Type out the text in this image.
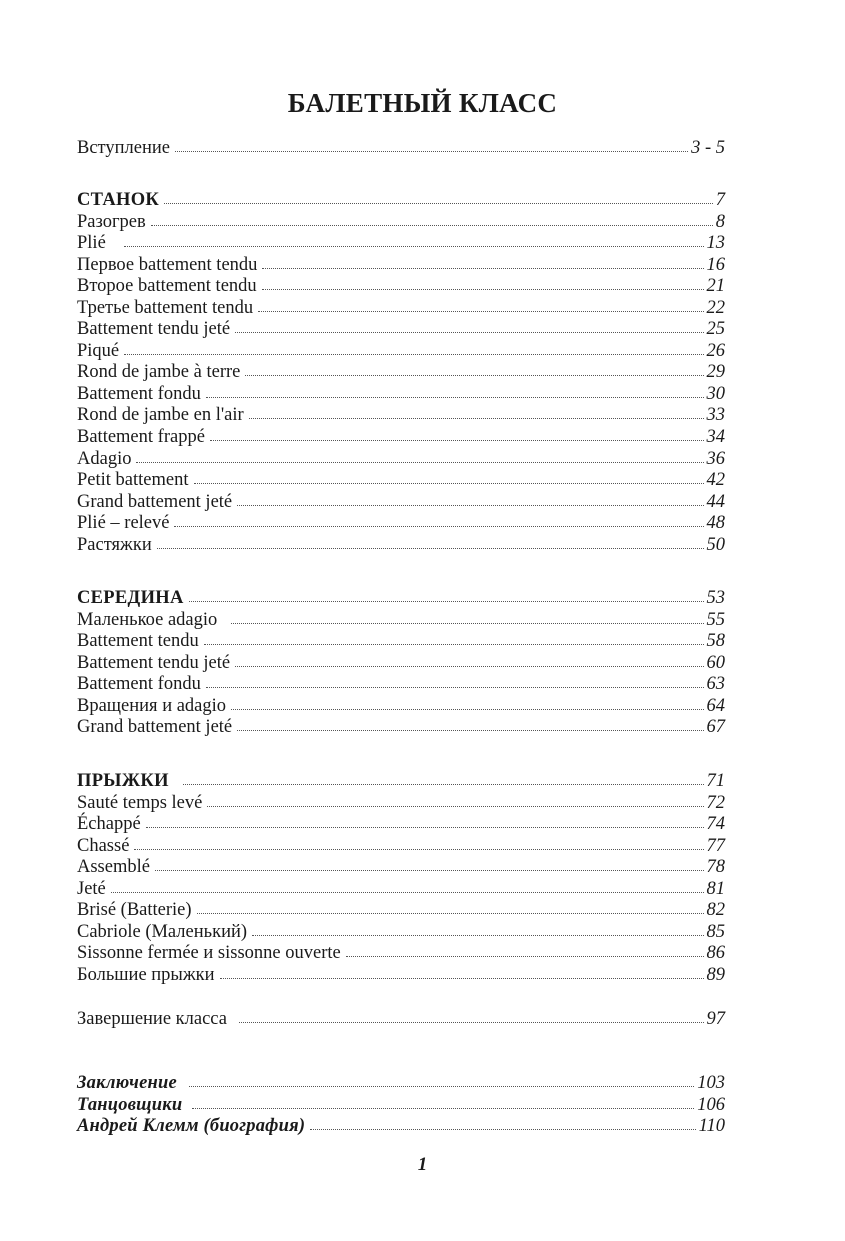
БАЛЕТНЫЙ КЛАСС
Вступление	3 - 5
СТАНОК	7
Разогрев	8
Plié	13
Первое battement tendu	16
Второе battement tendu	21
Третье battement tendu	22
Battement tendu jeté	25
Piqué	26
Rond de jambe à terre	29
Battement fondu	30
Rond de jambe en l'air	33
Battement frappé	34
Adagio	36
Petit battement	42
Grand battement jeté	44
Plié – relevé	48
Растяжки	50
СЕРЕДИНА	53
Маленькое adagio	55
Battement tendu	58
Battement tendu jeté	60
Battement fondu	63
Вращения и adagio	64
Grand battement jeté	67
ПРЫЖКИ	71
Sauté temps levé	72
Échappé	74
Chassé	77
Assemblé	78
Jeté	81
Brisé (Batterie)	82
Cabriole (Маленький)	85
Sissonne fermée и sissonne ouverte	86
Большие прыжки	89
Завершение класса	97
Заключение	103
Танцовщики	106
Андрей Клемм (биография)	110
1
